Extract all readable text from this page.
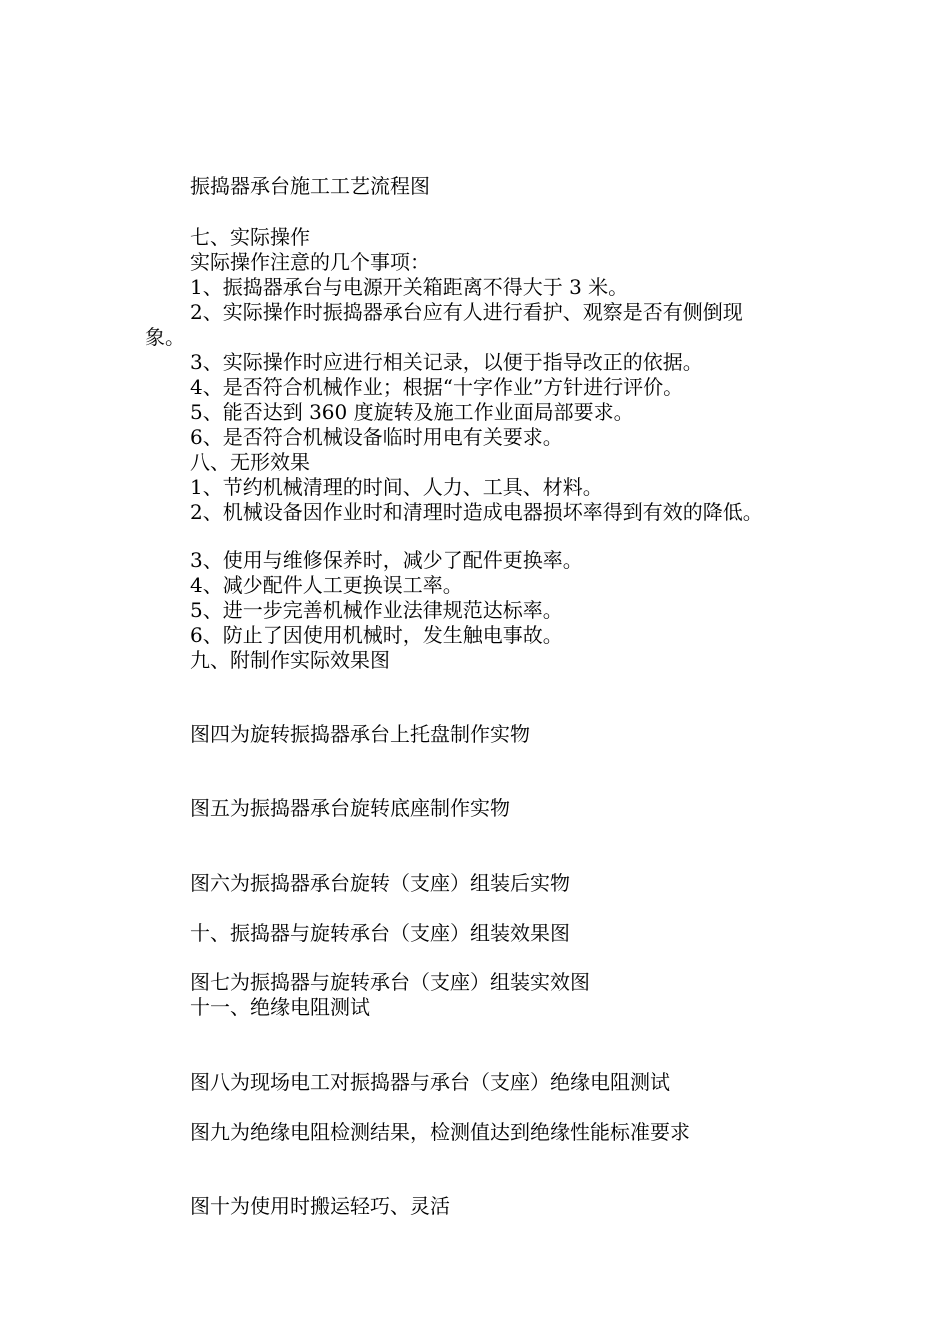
振捣器承台施工工艺流程图
七、实际操作
实际操作注意的几个事项：
1、振捣器承台与电源开关箱距离不得大于 3 米。
2、实际操作时振捣器承台应有人进行看护、观察是否有侧倒现
象。
3、实际操作时应进行相关记录，以便于指导改正的依据。
4、是否符合机械作业；根据“十字作业”方针进行评价。
5、能否达到 360 度旋转及施工作业面局部要求。
6、是否符合机械设备临时用电有关要求。
八、无形效果
1、节约机械清理的时间、人力、工具、材料。
2、机械设备因作业时和清理时造成电器损坏率得到有效的降低。
3、使用与维修保养时，减少了配件更换率。
4、减少配件人工更换误工率。
5、进一步完善机械作业法律规范达标率。
6、防止了因使用机械时，发生触电事故。
九、附制作实际效果图
图四为旋转振捣器承台上托盘制作实物
图五为振捣器承台旋转底座制作实物
图六为振捣器承台旋转（支座）组装后实物
十、振捣器与旋转承台（支座）组装效果图
图七为振捣器与旋转承台（支座）组装实效图
十一、绝缘电阻测试
图八为现场电工对振捣器与承台（支座）绝缘电阻测试
图九为绝缘电阻检测结果，检测值达到绝缘性能标准要求
图十为使用时搬运轻巧、灵活
